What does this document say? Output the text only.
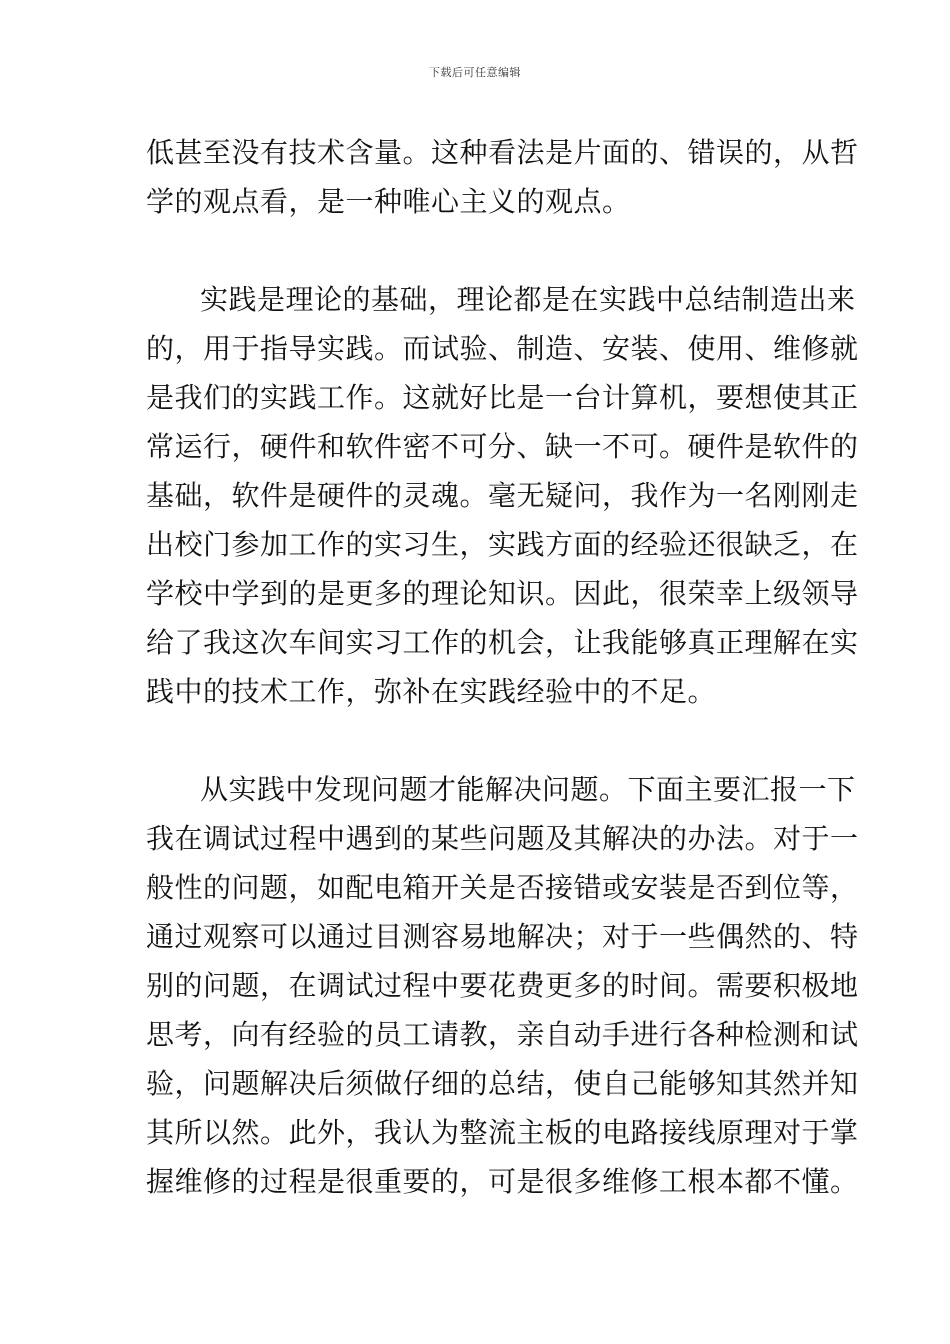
下载后可任意编辑
低甚至没有技术含量。这种看法是片面的、错误的，从哲
学的观点看，是一种唯心主义的观点。
实践是理论的基础，理论都是在实践中总结制造出来
的，用于指导实践。而试验、制造、安装、使用、维修就
是我们的实践工作。这就好比是一台计算机，要想使其正
常运行，硬件和软件密不可分、缺一不可。硬件是软件的
基础，软件是硬件的灵魂。毫无疑问，我作为一名刚刚走
出校门参加工作的实习生，实践方面的经验还很缺乏，在
学校中学到的是更多的理论知识。因此，很荣幸上级领导
给了我这次车间实习工作的机会，让我能够真正理解在实
践中的技术工作，弥补在实践经验中的不足。
从实践中发现问题才能解决问题。下面主要汇报一下
我在调试过程中遇到的某些问题及其解决的办法。对于一
般性的问题，如配电箱开关是否接错或安装是否到位等，
通过观察可以通过目测容易地解决；对于一些偶然的、特
别的问题，在调试过程中要花费更多的时间。需要积极地
思考，向有经验的员工请教，亲自动手进行各种检测和试
验，问题解决后须做仔细的总结，使自己能够知其然并知
其所以然。此外，我认为整流主板的电路接线原理对于掌
握维修的过程是很重要的，可是很多维修工根本都不懂。
